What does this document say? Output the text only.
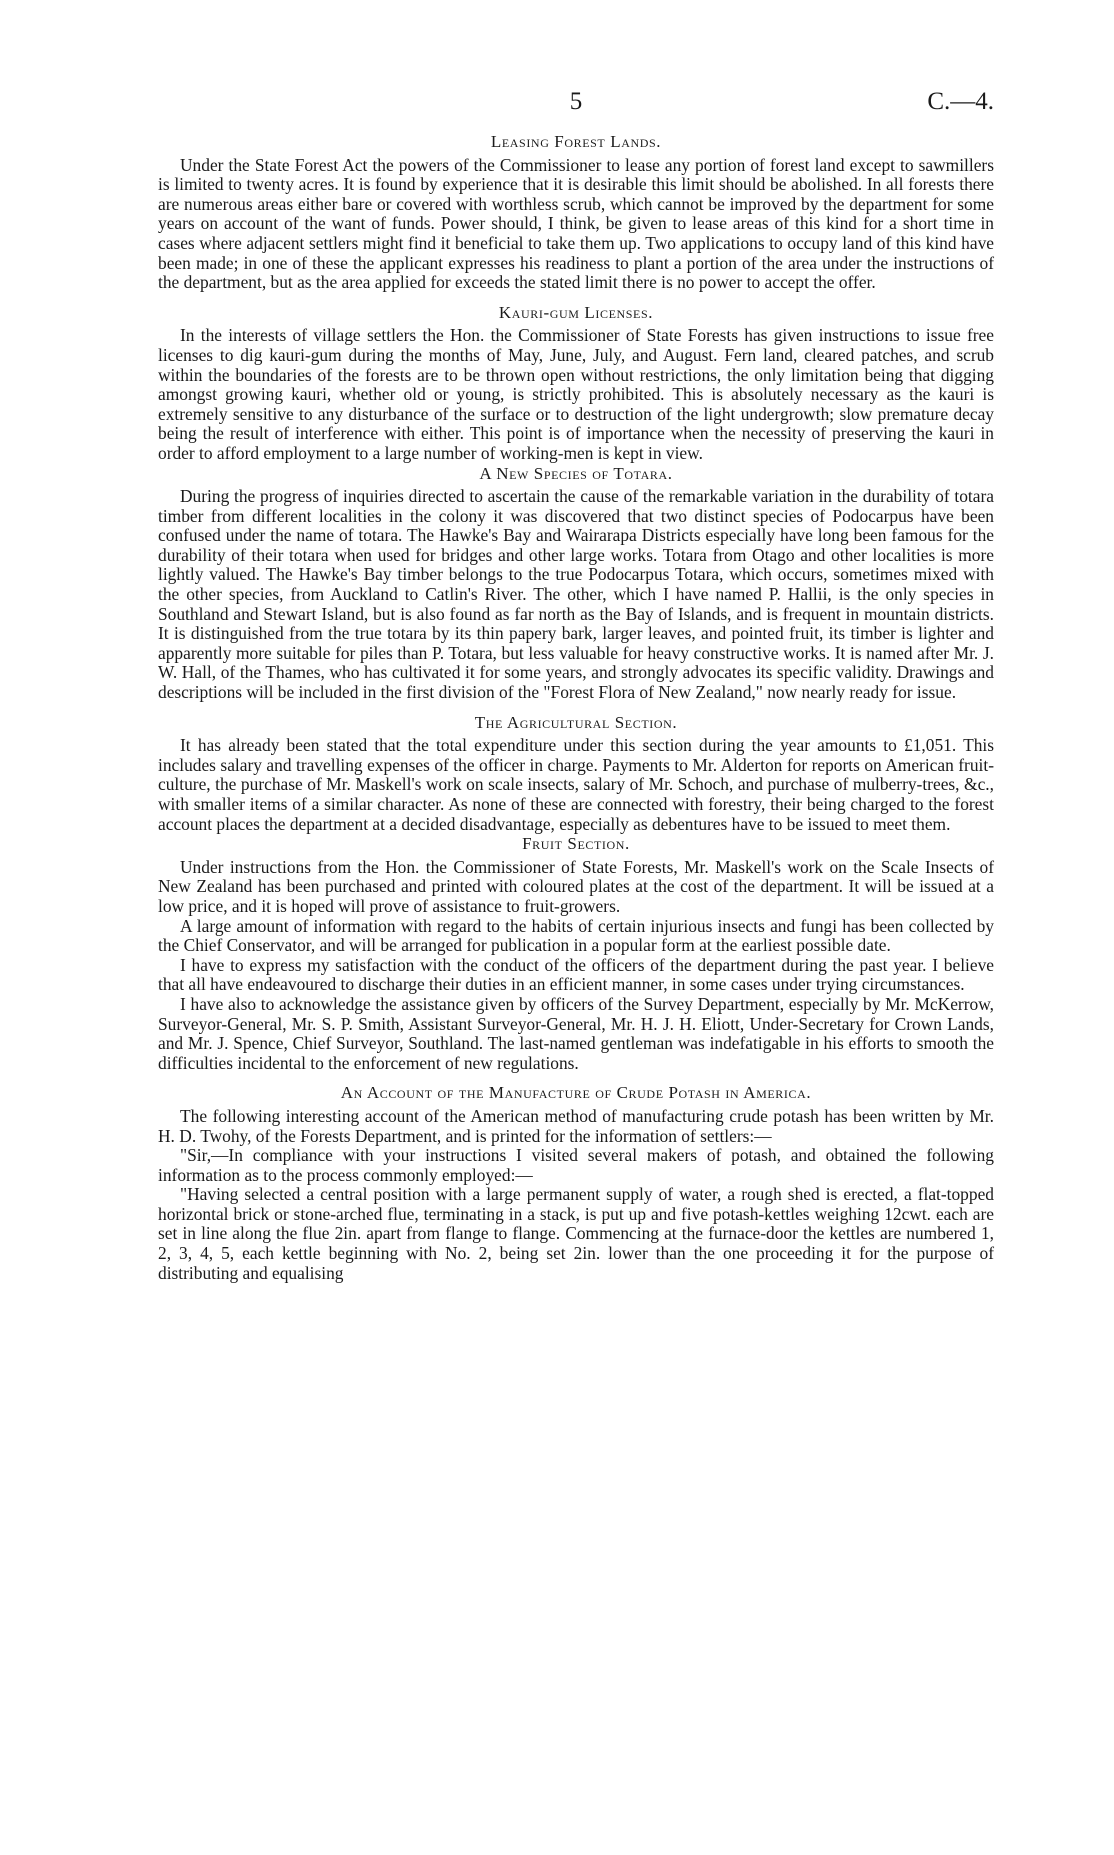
5	C.—4.
Leasing Forest Lands.

Under the State Forest Act the powers of the Commissioner to lease any portion of forest land except to sawmillers is limited to twenty acres. It is found by experience that it is desirable this limit should be abolished. In all forests there are numerous areas either bare or covered with worthless scrub, which cannot be improved by the department for some years on account of the want of funds. Power should, I think, be given to lease areas of this kind for a short time in cases where adjacent settlers might find it beneficial to take them up. Two applications to occupy land of this kind have been made; in one of these the applicant expresses his readiness to plant a portion of the area under the instructions of the department, but as the area applied for exceeds the stated limit there is no power to accept the offer.

Kauri-gum Licenses.

In the interests of village settlers the Hon. the Commissioner of State Forests has given instructions to issue free licenses to dig kauri-gum during the months of May, June, July, and August. Fern land, cleared patches, and scrub within the boundaries of the forests are to be thrown open without restrictions, the only limitation being that digging amongst growing kauri, whether old or young, is strictly prohibited. This is absolutely necessary as the kauri is extremely sensitive to any disturbance of the surface or to destruction of the light undergrowth; slow premature decay being the result of interference with either. This point is of importance when the necessity of preserving the kauri in order to afford employment to a large number of working-men is kept in view.

A New Species of Totara.

During the progress of inquiries directed to ascertain the cause of the remarkable variation in the durability of totara timber from different localities in the colony it was discovered that two distinct species of Podocarpus have been confused under the name of totara. The Hawke's Bay and Wairarapa Districts especially have long been famous for the durability of their totara when used for bridges and other large works. Totara from Otago and other localities is more lightly valued. The Hawke's Bay timber belongs to the true Podocarpus Totara, which occurs, sometimes mixed with the other species, from Auckland to Catlin's River. The other, which I have named P. Hallii, is the only species in Southland and Stewart Island, but is also found as far north as the Bay of Islands, and is frequent in mountain districts. It is distinguished from the true totara by its thin papery bark, larger leaves, and pointed fruit, its timber is lighter and apparently more suitable for piles than P. Totara, but less valuable for heavy constructive works. It is named after Mr. J. W. Hall, of the Thames, who has cultivated it for some years, and strongly advocates its specific validity. Drawings and descriptions will be included in the first division of the "Forest Flora of New Zealand," now nearly ready for issue.

The Agricultural Section.

It has already been stated that the total expenditure under this section during the year amounts to £1,051. This includes salary and travelling expenses of the officer in charge. Payments to Mr. Alderton for reports on American fruit-culture, the purchase of Mr. Maskell's work on scale insects, salary of Mr. Schoch, and purchase of mulberry-trees, &c., with smaller items of a similar character. As none of these are connected with forestry, their being charged to the forest account places the department at a decided disadvantage, especially as debentures have to be issued to meet them.

Fruit Section.

Under instructions from the Hon. the Commissioner of State Forests, Mr. Maskell's work on the Scale Insects of New Zealand has been purchased and printed with coloured plates at the cost of the department. It will be issued at a low price, and it is hoped will prove of assistance to fruit-growers.

A large amount of information with regard to the habits of certain injurious insects and fungi has been collected by the Chief Conservator, and will be arranged for publication in a popular form at the earliest possible date.

I have to express my satisfaction with the conduct of the officers of the department during the past year. I believe that all have endeavoured to discharge their duties in an efficient manner, in some cases under trying circumstances.

I have also to acknowledge the assistance given by officers of the Survey Department, especially by Mr. McKerrow, Surveyor-General, Mr. S. P. Smith, Assistant Surveyor-General, Mr. H. J. H. Eliott, Under-Secretary for Crown Lands, and Mr. J. Spence, Chief Surveyor, Southland. The last-named gentleman was indefatigable in his efforts to smooth the difficulties incidental to the enforcement of new regulations.

An Account of the Manufacture of Crude Potash in America.

The following interesting account of the American method of manufacturing crude potash has been written by Mr. H. D. Twohy, of the Forests Department, and is printed for the information of settlers:—

"Sir,—In compliance with your instructions I visited several makers of potash, and obtained the following information as to the process commonly employed:—

"Having selected a central position with a large permanent supply of water, a rough shed is erected, a flat-topped horizontal brick or stone-arched flue, terminating in a stack, is put up and five potash-kettles weighing 12cwt. each are set in line along the flue 2in. apart from flange to flange. Commencing at the furnace-door the kettles are numbered 1, 2, 3, 4, 5, each kettle beginning with No. 2, being set 2in. lower than the one proceeding it for the purpose of distributing and equalising
